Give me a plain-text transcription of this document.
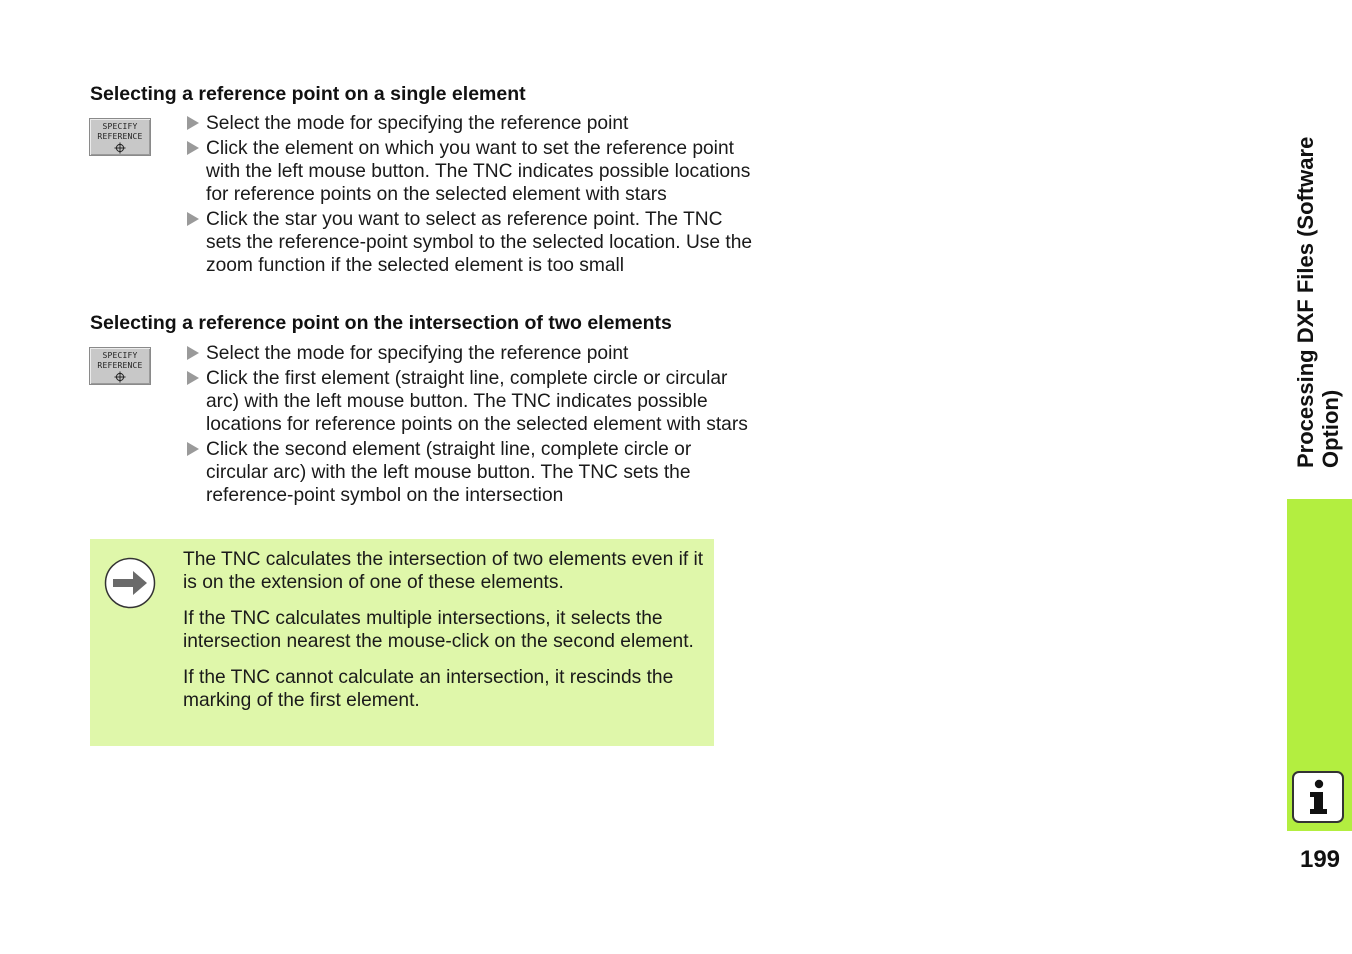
Selecting a reference point on a single element
SPECIFY
REFERENCE
Select the mode for specifying the reference point
Click the element on which you want to set the reference point with the left mouse button. The TNC indicates possible locations for reference points on the selected element with stars
Click the star you want to select as reference point. The TNC sets the reference-point symbol to the selected location. Use the zoom function if the selected element is too small
Selecting a reference point on the intersection of two elements
SPECIFY
REFERENCE
Select the mode for specifying the reference point
Click the first element (straight line, complete circle or circular arc) with the left mouse button. The TNC indicates possible locations for reference points on the selected element with stars
Click the second element (straight line, complete circle or circular arc) with the left mouse button. The TNC sets the reference-point symbol on the intersection

The TNC calculates the intersection of two elements even if it is on the extension of one of these elements.

If the TNC calculates multiple intersections, it selects the intersection nearest the mouse-click on the second element.

If the TNC cannot calculate an intersection, it rescinds the marking of the first element.

Processing DXF Files (Software Option)
199
